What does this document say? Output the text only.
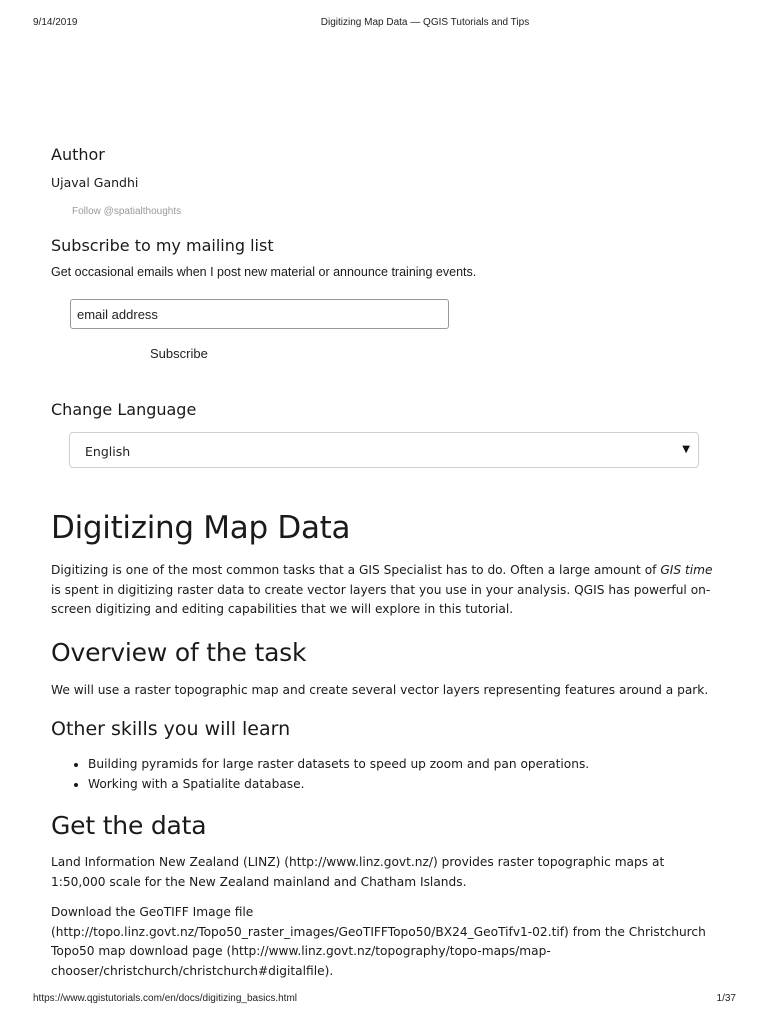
9/14/2019	Digitizing Map Data — QGIS Tutorials and Tips
Author

Ujaval Gandhi

Follow @spatialthoughts
Subscribe to my mailing list

Get occasional emails when I post new material or announce training events.

email address
Subscribe
Change Language
English	▼
Digitizing Map Data

Digitizing is one of the most common tasks that a GIS Specialist has to do. Often a large amount of GIS time is spent in digitizing raster data to create vector layers that you use in your analysis. QGIS has powerful on-screen digitizing and editing capabilities that we will explore in this tutorial.

Overview of the task

We will use a raster topographic map and create several vector layers representing features around a park.

Other skills you will learn
• Building pyramids for large raster datasets to speed up zoom and pan operations.
• Working with a Spatialite database.
Get the data

Land Information New Zealand (LINZ) (http://www.linz.govt.nz/) provides raster topographic maps at 1:50,000 scale for the New Zealand mainland and Chatham Islands.

Download the GeoTIFF Image file (http://topo.linz.govt.nz/Topo50_raster_images/GeoTIFFTopo50/BX24_GeoTifv1-02.tif) from the Christchurch Topo50 map download page (http://www.linz.govt.nz/topography/topo-maps/map-chooser/christchurch/christchurch#digitalfile).

https://www.qgistutorials.com/en/docs/digitizing_basics.html	1/37
